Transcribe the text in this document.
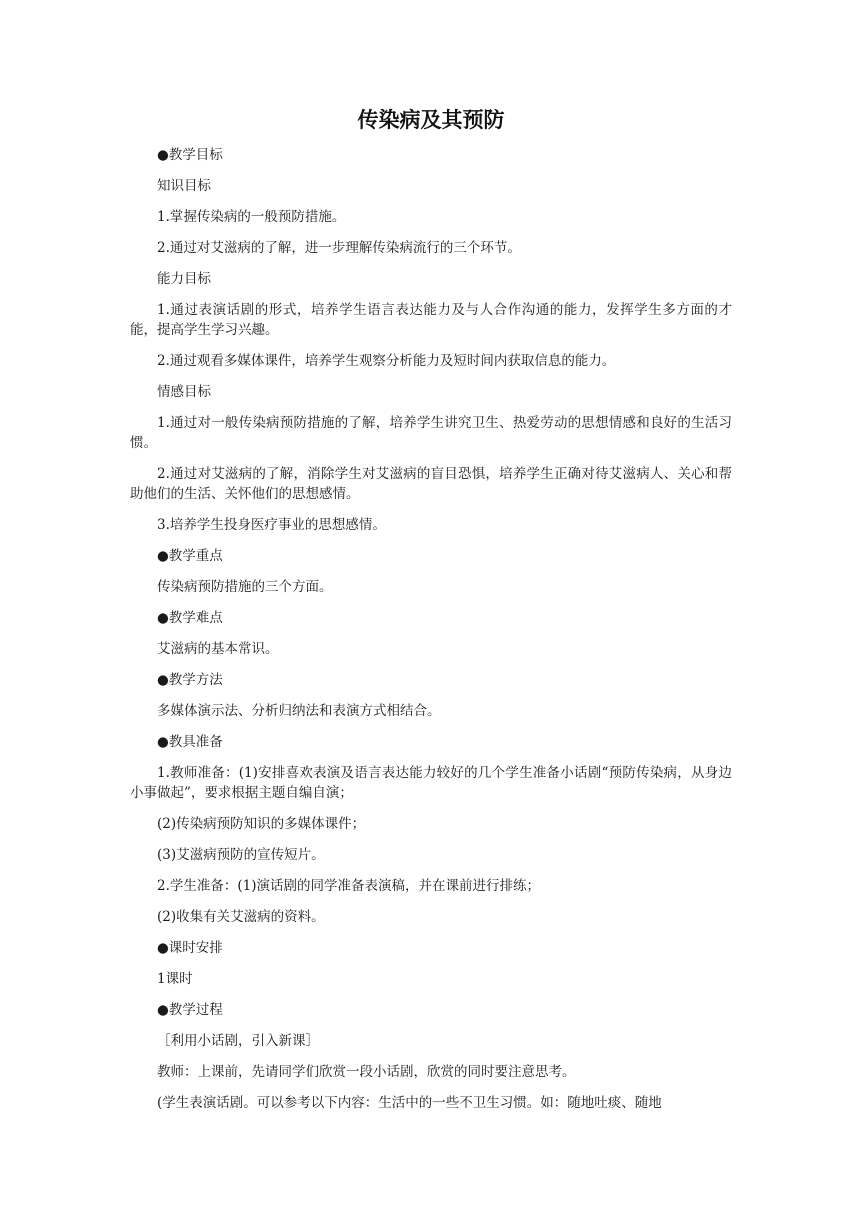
传染病及其预防

●教学目标

知识目标

1.掌握传染病的一般预防措施。

2.通过对艾滋病的了解，进一步理解传染病流行的三个环节。

能力目标

1.通过表演话剧的形式，培养学生语言表达能力及与人合作沟通的能力，发挥学生多方面的才能，提高学生学习兴趣。

2.通过观看多媒体课件，培养学生观察分析能力及短时间内获取信息的能力。

情感目标

1.通过对一般传染病预防措施的了解，培养学生讲究卫生、热爱劳动的思想情感和良好的生活习惯。

2.通过对艾滋病的了解，消除学生对艾滋病的盲目恐惧，培养学生正确对待艾滋病人、关心和帮助他们的生活、关怀他们的思想感情。

3.培养学生投身医疗事业的思想感情。

●教学重点

传染病预防措施的三个方面。

●教学难点

艾滋病的基本常识。

●教学方法

多媒体演示法、分析归纳法和表演方式相结合。

●教具准备

1.教师准备：(1)安排喜欢表演及语言表达能力较好的几个学生准备小话剧“预防传染病，从身边小事做起”，要求根据主题自编自演；

(2)传染病预防知识的多媒体课件；

(3)艾滋病预防的宣传短片。

2.学生准备：(1)演话剧的同学准备表演稿，并在课前进行排练；

(2)收集有关艾滋病的资料。

●课时安排

1课时

●教学过程

［利用小话剧，引入新课］

教师：上课前，先请同学们欣赏一段小话剧，欣赏的同时要注意思考。

(学生表演话剧。可以参考以下内容：生活中的一些不卫生习惯。如：随地吐痰、随地
